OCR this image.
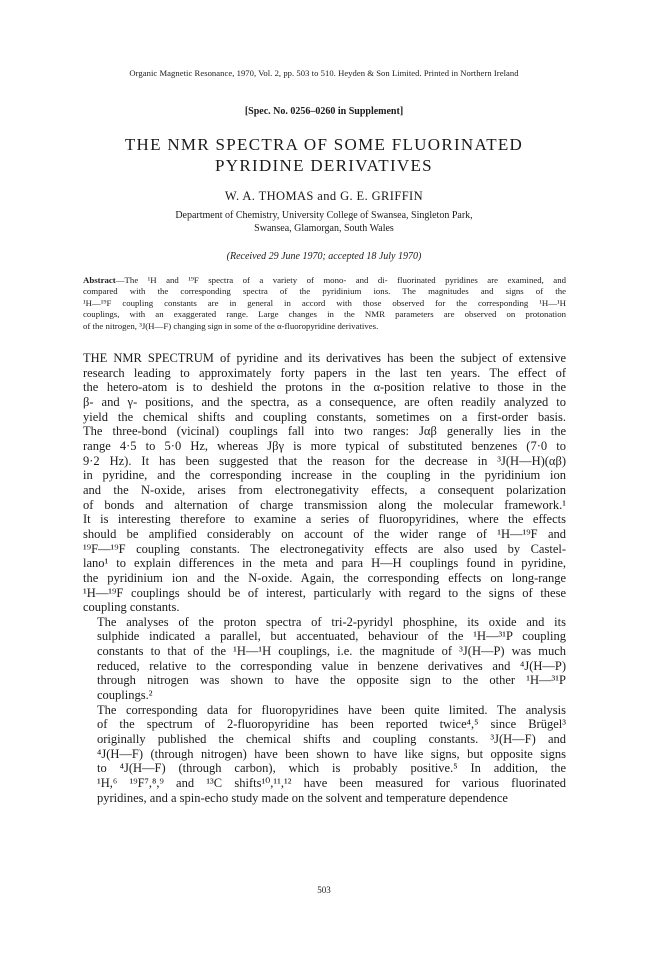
Organic Magnetic Resonance, 1970, Vol. 2, pp. 503 to 510. Heyden & Son Limited. Printed in Northern Ireland
[Spec. No. 0256–0260 in Supplement]
THE NMR SPECTRA OF SOME FLUORINATED
PYRIDINE DERIVATIVES
W. A. THOMAS and G. E. GRIFFIN
Department of Chemistry, University College of Swansea, Singleton Park,
Swansea, Glamorgan, South Wales
(Received 29 June 1970; accepted 18 July 1970)
Abstract—The ¹H and ¹⁹F spectra of a variety of mono- and di- fluorinated pyridines are examined, and
compared with the corresponding spectra of the pyridinium ions. The magnitudes and signs of the
¹H—¹⁹F coupling constants are in general in accord with those observed for the corresponding ¹H—¹H
couplings, with an exaggerated range. Large changes in the NMR parameters are observed on protonation
of the nitrogen, ³J(H—F) changing sign in some of the α-fluoropyridine derivatives.

THE NMR SPECTRUM of pyridine and its derivatives has been the subject of extensive
research leading to approximately forty papers in the last ten years. The effect of
the hetero-atom is to deshield the protons in the α-position relative to those in the
β- and γ- positions, and the spectra, as a consequence, are often readily analyzed to
yield the chemical shifts and coupling constants, sometimes on a first-order basis.
The three-bond (vicinal) couplings fall into two ranges: Jαβ generally lies in the
range 4·5 to 5·0 Hz, whereas Jβγ is more typical of substituted benzenes (7·0 to
9·2 Hz). It has been suggested that the reason for the decrease in ³J(H—H)(αβ)
in pyridine, and the corresponding increase in the coupling in the pyridinium ion
and the N-oxide, arises from electronegativity effects, a consequent polarization
of bonds and alternation of charge transmission along the molecular framework.¹
It is interesting therefore to examine a series of fluoropyridines, where the effects
should be amplified considerably on account of the wider range of ¹H—¹⁹F and
¹⁹F—¹⁹F coupling constants. The electronegativity effects are also used by Castel-
lano¹ to explain differences in the meta and para H—H couplings found in pyridine,
the pyridinium ion and the N-oxide. Again, the corresponding effects on long-range
¹H—¹⁹F couplings should be of interest, particularly with regard to the signs of these
coupling constants.

The analyses of the proton spectra of tri-2-pyridyl phosphine, its oxide and its
sulphide indicated a parallel, but accentuated, behaviour of the ¹H—³¹P coupling
constants to that of the ¹H—¹H couplings, i.e. the magnitude of ³J(H—P) was much
reduced, relative to the corresponding value in benzene derivatives and ⁴J(H—P)
through nitrogen was shown to have the opposite sign to the other ¹H—³¹P
couplings.²

The corresponding data for fluoropyridines have been quite limited. The analysis
of the spectrum of 2-fluoropyridine has been reported twice⁴,⁵ since Brügel³
originally published the chemical shifts and coupling constants. ³J(H—F) and
⁴J(H—F) (through nitrogen) have been shown to have like signs, but opposite signs
to ⁴J(H—F) (through carbon), which is probably positive.⁵ In addition, the
¹H,⁶ ¹⁹F⁷,⁸,⁹ and ¹³C shifts¹⁰,¹¹,¹² have been measured for various fluorinated
pyridines, and a spin-echo study made on the solvent and temperature dependence

503
